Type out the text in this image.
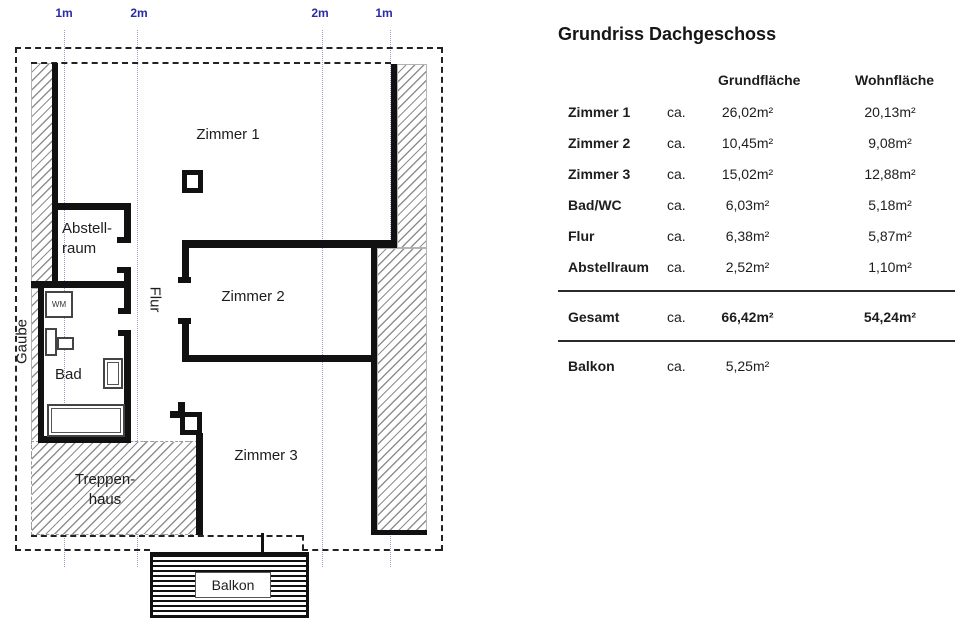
1m	2m	2m	1m
WM
Zimmer 1
Zimmer 2
Zimmer 3
Abstell-
raum
Bad
Flur
Gaube
Treppen-
haus
Balkon
Grundriss Dachgeschoss
Grundfläche	Wohnfläche
Zimmer 1	ca.	26,02m²	20,13m²
Zimmer 2	ca.	10,45m²	9,08m²
Zimmer 3	ca.	15,02m²	12,88m²
Bad/WC	ca.	6,03m²	5,18m²
Flur	ca.	6,38m²	5,87m²
Abstellraum ca.	2,52m²	1,10m²
Gesamt	ca.	66,42m²	54,24m²
Balkon	ca.	5,25m²
